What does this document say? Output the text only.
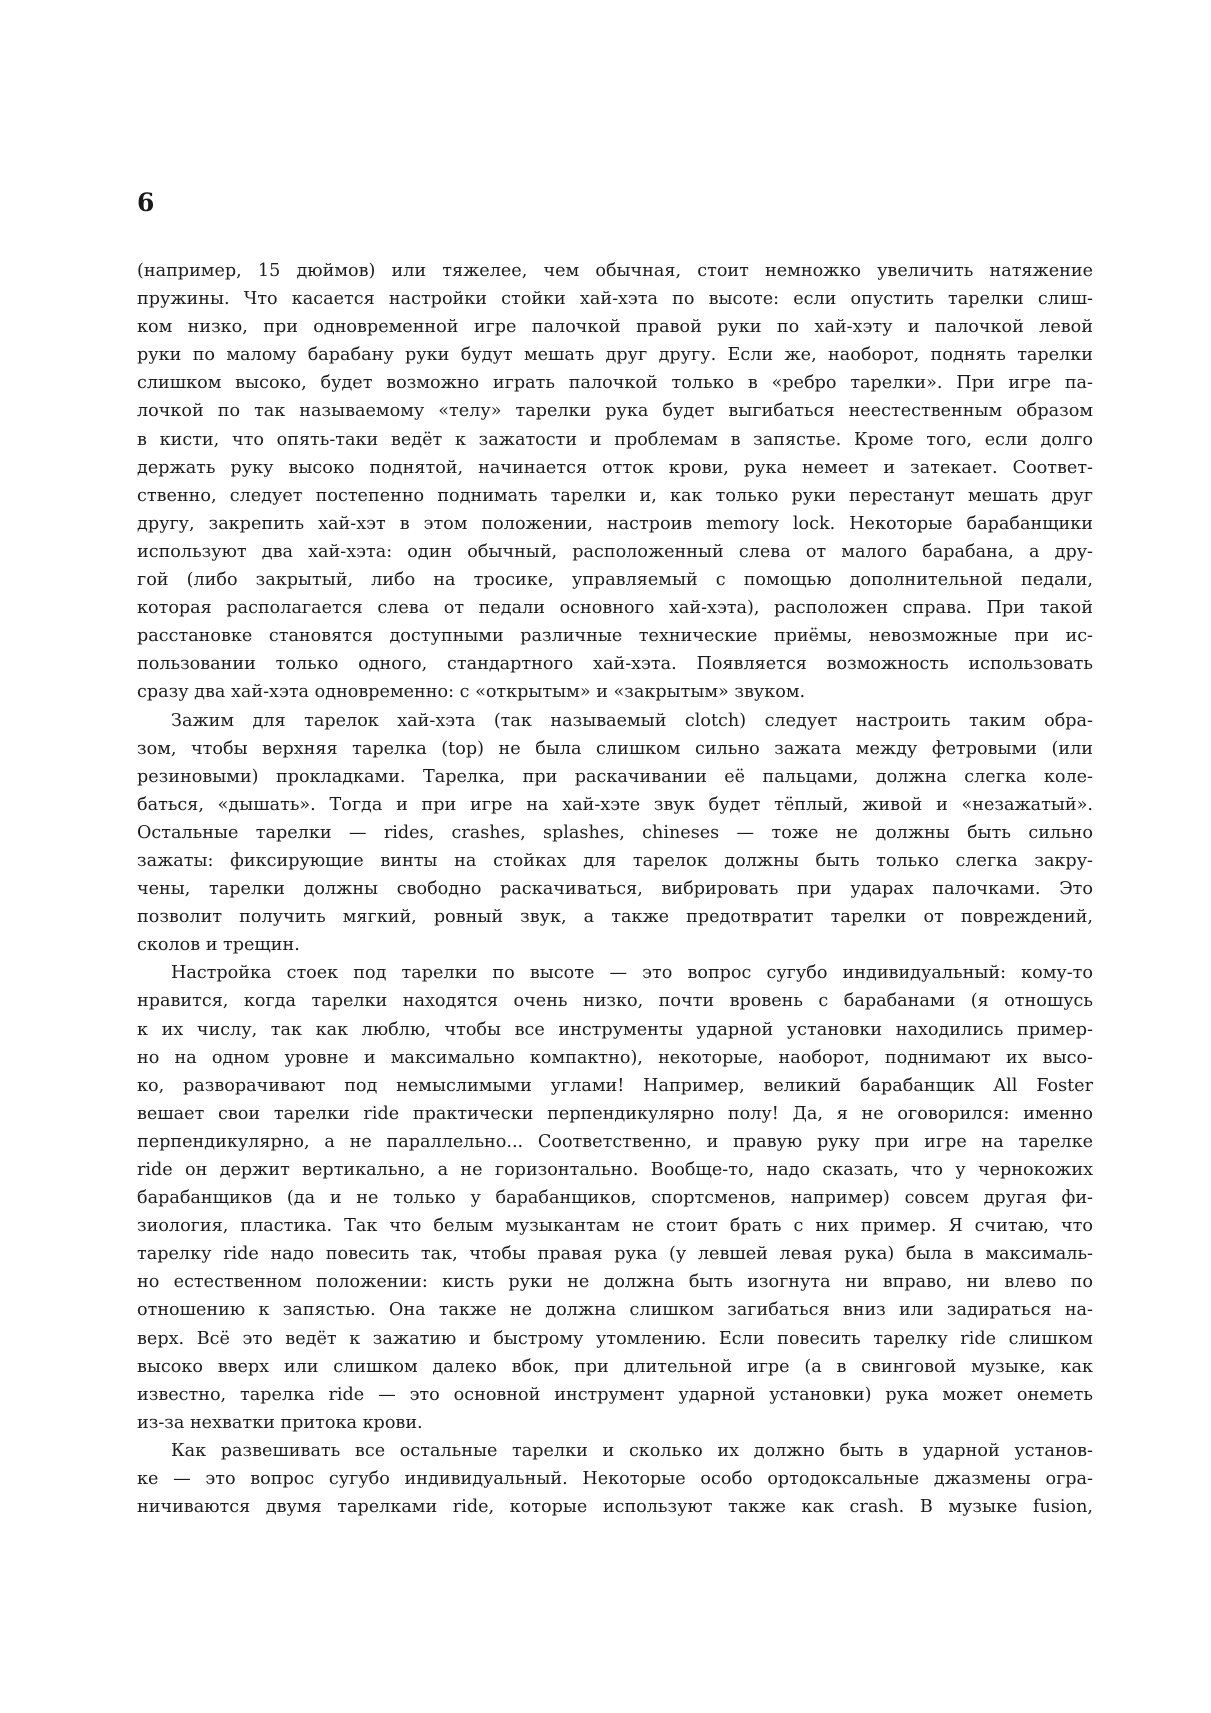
6

(например, 15 дюймов) или тяжелее, чем обычная, стоит немножко увеличить натяжение
пружины. Что касается настройки стойки хай-хэта по высоте: если опустить тарелки слиш-
ком низко, при одновременной игре палочкой правой руки по хай-хэту и палочкой левой
руки по малому барабану руки будут мешать друг другу. Если же, наоборот, поднять тарелки
слишком высоко, будет возможно играть палочкой только в «ребро тарелки». При игре па-
лочкой по так называемому «телу» тарелки рука будет выгибаться неестественным образом
в кисти, что опять-таки ведёт к зажатости и проблемам в запястье. Кроме того, если долго
держать руку высоко поднятой, начинается отток крови, рука немеет и затекает. Соответ-
ственно, следует постепенно поднимать тарелки и, как только руки перестанут мешать друг
другу, закрепить хай-хэт в этом положении, настроив memory lock. Некоторые барабанщики
используют два хай-хэта: один обычный, расположенный слева от малого барабана, а дру-
гой (либо закрытый, либо на тросике, управляемый с помощью дополнительной педали,
которая располагается слева от педали основного хай-хэта), расположен справа. При такой
расстановке становятся доступными различные технические приёмы, невозможные при ис-
пользовании только одного, стандартного хай-хэта. Появляется возможность использовать
сразу два хай-хэта одновременно: с «открытым» и «закрытым» звуком.

Зажим для тарелок хай-хэта (так называемый clotch) следует настроить таким обра-
зом, чтобы верхняя тарелка (top) не была слишком сильно зажата между фетровыми (или
резиновыми) прокладками. Тарелка, при раскачивании её пальцами, должна слегка коле-
баться, «дышать». Тогда и при игре на хай-хэте звук будет тёплый, живой и «незажатый».
Остальные тарелки — rides, crashes, splashes, chineses — тоже не должны быть сильно
зажаты: фиксирующие винты на стойках для тарелок должны быть только слегка закру-
чены, тарелки должны свободно раскачиваться, вибрировать при ударах палочками. Это
позволит получить мягкий, ровный звук, а также предотвратит тарелки от повреждений,
сколов и трещин.

Настройка стоек под тарелки по высоте — это вопрос сугубо индивидуальный: кому-то
нравится, когда тарелки находятся очень низко, почти вровень с барабанами (я отношусь
к их числу, так как люблю, чтобы все инструменты ударной установки находились пример-
но на одном уровне и максимально компактно), некоторые, наоборот, поднимают их высо-
ко, разворачивают под немыслимыми углами! Например, великий барабанщик All Foster
вешает свои тарелки ride практически перпендикулярно полу! Да, я не оговорился: именно
перпендикулярно, а не параллельно... Соответственно, и правую руку при игре на тарелке
ride он держит вертикально, а не горизонтально. Вообще-то, надо сказать, что у чернокожих
барабанщиков (да и не только у барабанщиков, спортсменов, например) совсем другая фи-
зиология, пластика. Так что белым музыкантам не стоит брать с них пример. Я считаю, что
тарелку ride надо повесить так, чтобы правая рука (у левшей левая рука) была в максималь-
но естественном положении: кисть руки не должна быть изогнута ни вправо, ни влево по
отношению к запястью. Она также не должна слишком загибаться вниз или задираться на-
верх. Всё это ведёт к зажатию и быстрому утомлению. Если повесить тарелку ride слишком
высоко вверх или слишком далеко вбок, при длительной игре (а в свинговой музыке, как
известно, тарелка ride — это основной инструмент ударной установки) рука может онеметь
из-за нехватки притока крови.

Как развешивать все остальные тарелки и сколько их должно быть в ударной установ-
ке — это вопрос сугубо индивидуальный. Некоторые особо ортодоксальные джазмены огра-
ничиваются двумя тарелками ride, которые используют также как crash. В музыке fusion,
